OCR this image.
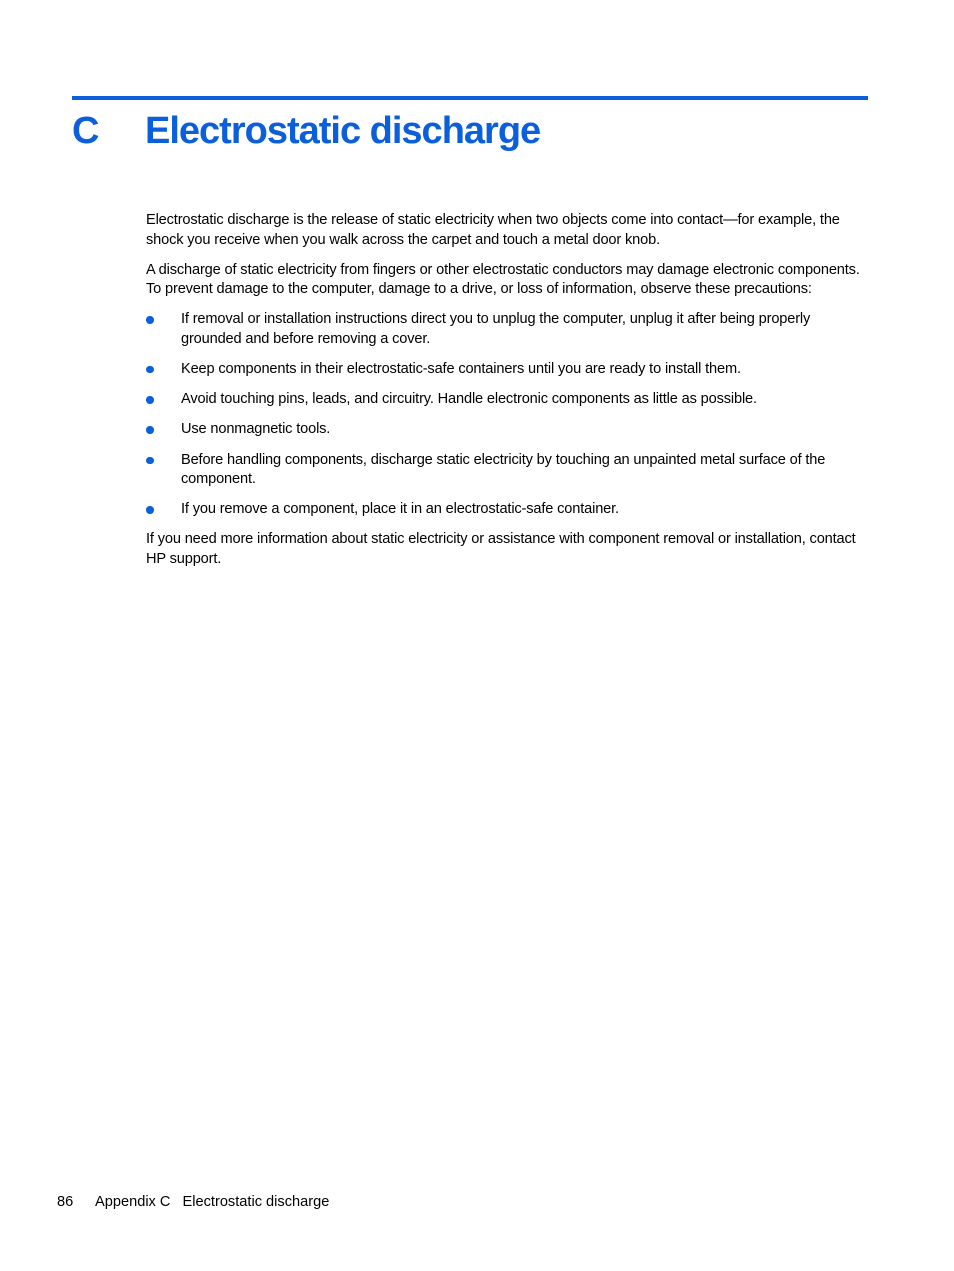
C Electrostatic discharge

Electrostatic discharge is the release of static electricity when two objects come into contact—for example, the shock you receive when you walk across the carpet and touch a metal door knob.

A discharge of static electricity from fingers or other electrostatic conductors may damage electronic components. To prevent damage to the computer, damage to a drive, or loss of information, observe these precautions:

If removal or installation instructions direct you to unplug the computer, unplug it after being properly grounded and before removing a cover.
Keep components in their electrostatic-safe containers until you are ready to install them.
Avoid touching pins, leads, and circuitry. Handle electronic components as little as possible.
Use nonmagnetic tools.
Before handling components, discharge static electricity by touching an unpainted metal surface of the component.
If you remove a component, place it in an electrostatic-safe container.

If you need more information about static electricity or assistance with component removal or installation, contact HP support.

86 Appendix C Electrostatic discharge
